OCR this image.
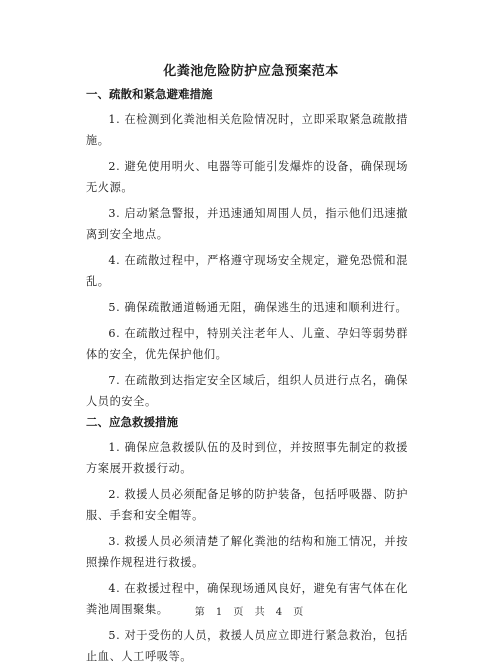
化粪池危险防护应急预案范本

一、疏散和紧急避难措施

1. 在检测到化粪池相关危险情况时，立即采取紧急疏散措施。

2. 避免使用明火、电器等可能引发爆炸的设备，确保现场无火源。

3. 启动紧急警报，并迅速通知周围人员，指示他们迅速撤离到安全地点。

4. 在疏散过程中，严格遵守现场安全规定，避免恐慌和混乱。

5. 确保疏散通道畅通无阻，确保逃生的迅速和顺利进行。

6. 在疏散过程中，特别关注老年人、儿童、孕妇等弱势群体的安全，优先保护他们。

7. 在疏散到达指定安全区域后，组织人员进行点名，确保人员的安全。

二、应急救援措施

1. 确保应急救援队伍的及时到位，并按照事先制定的救援方案展开救援行动。

2. 救援人员必须配备足够的防护装备，包括呼吸器、防护服、手套和安全帽等。

3. 救援人员必须清楚了解化粪池的结构和施工情况，并按照操作规程进行救援。

4. 在救援过程中，确保现场通风良好，避免有害气体在化粪池周围聚集。

5. 对于受伤的人员，救援人员应立即进行紧急救治，包括止血、人工呼吸等。

第 1 页 共 4 页
